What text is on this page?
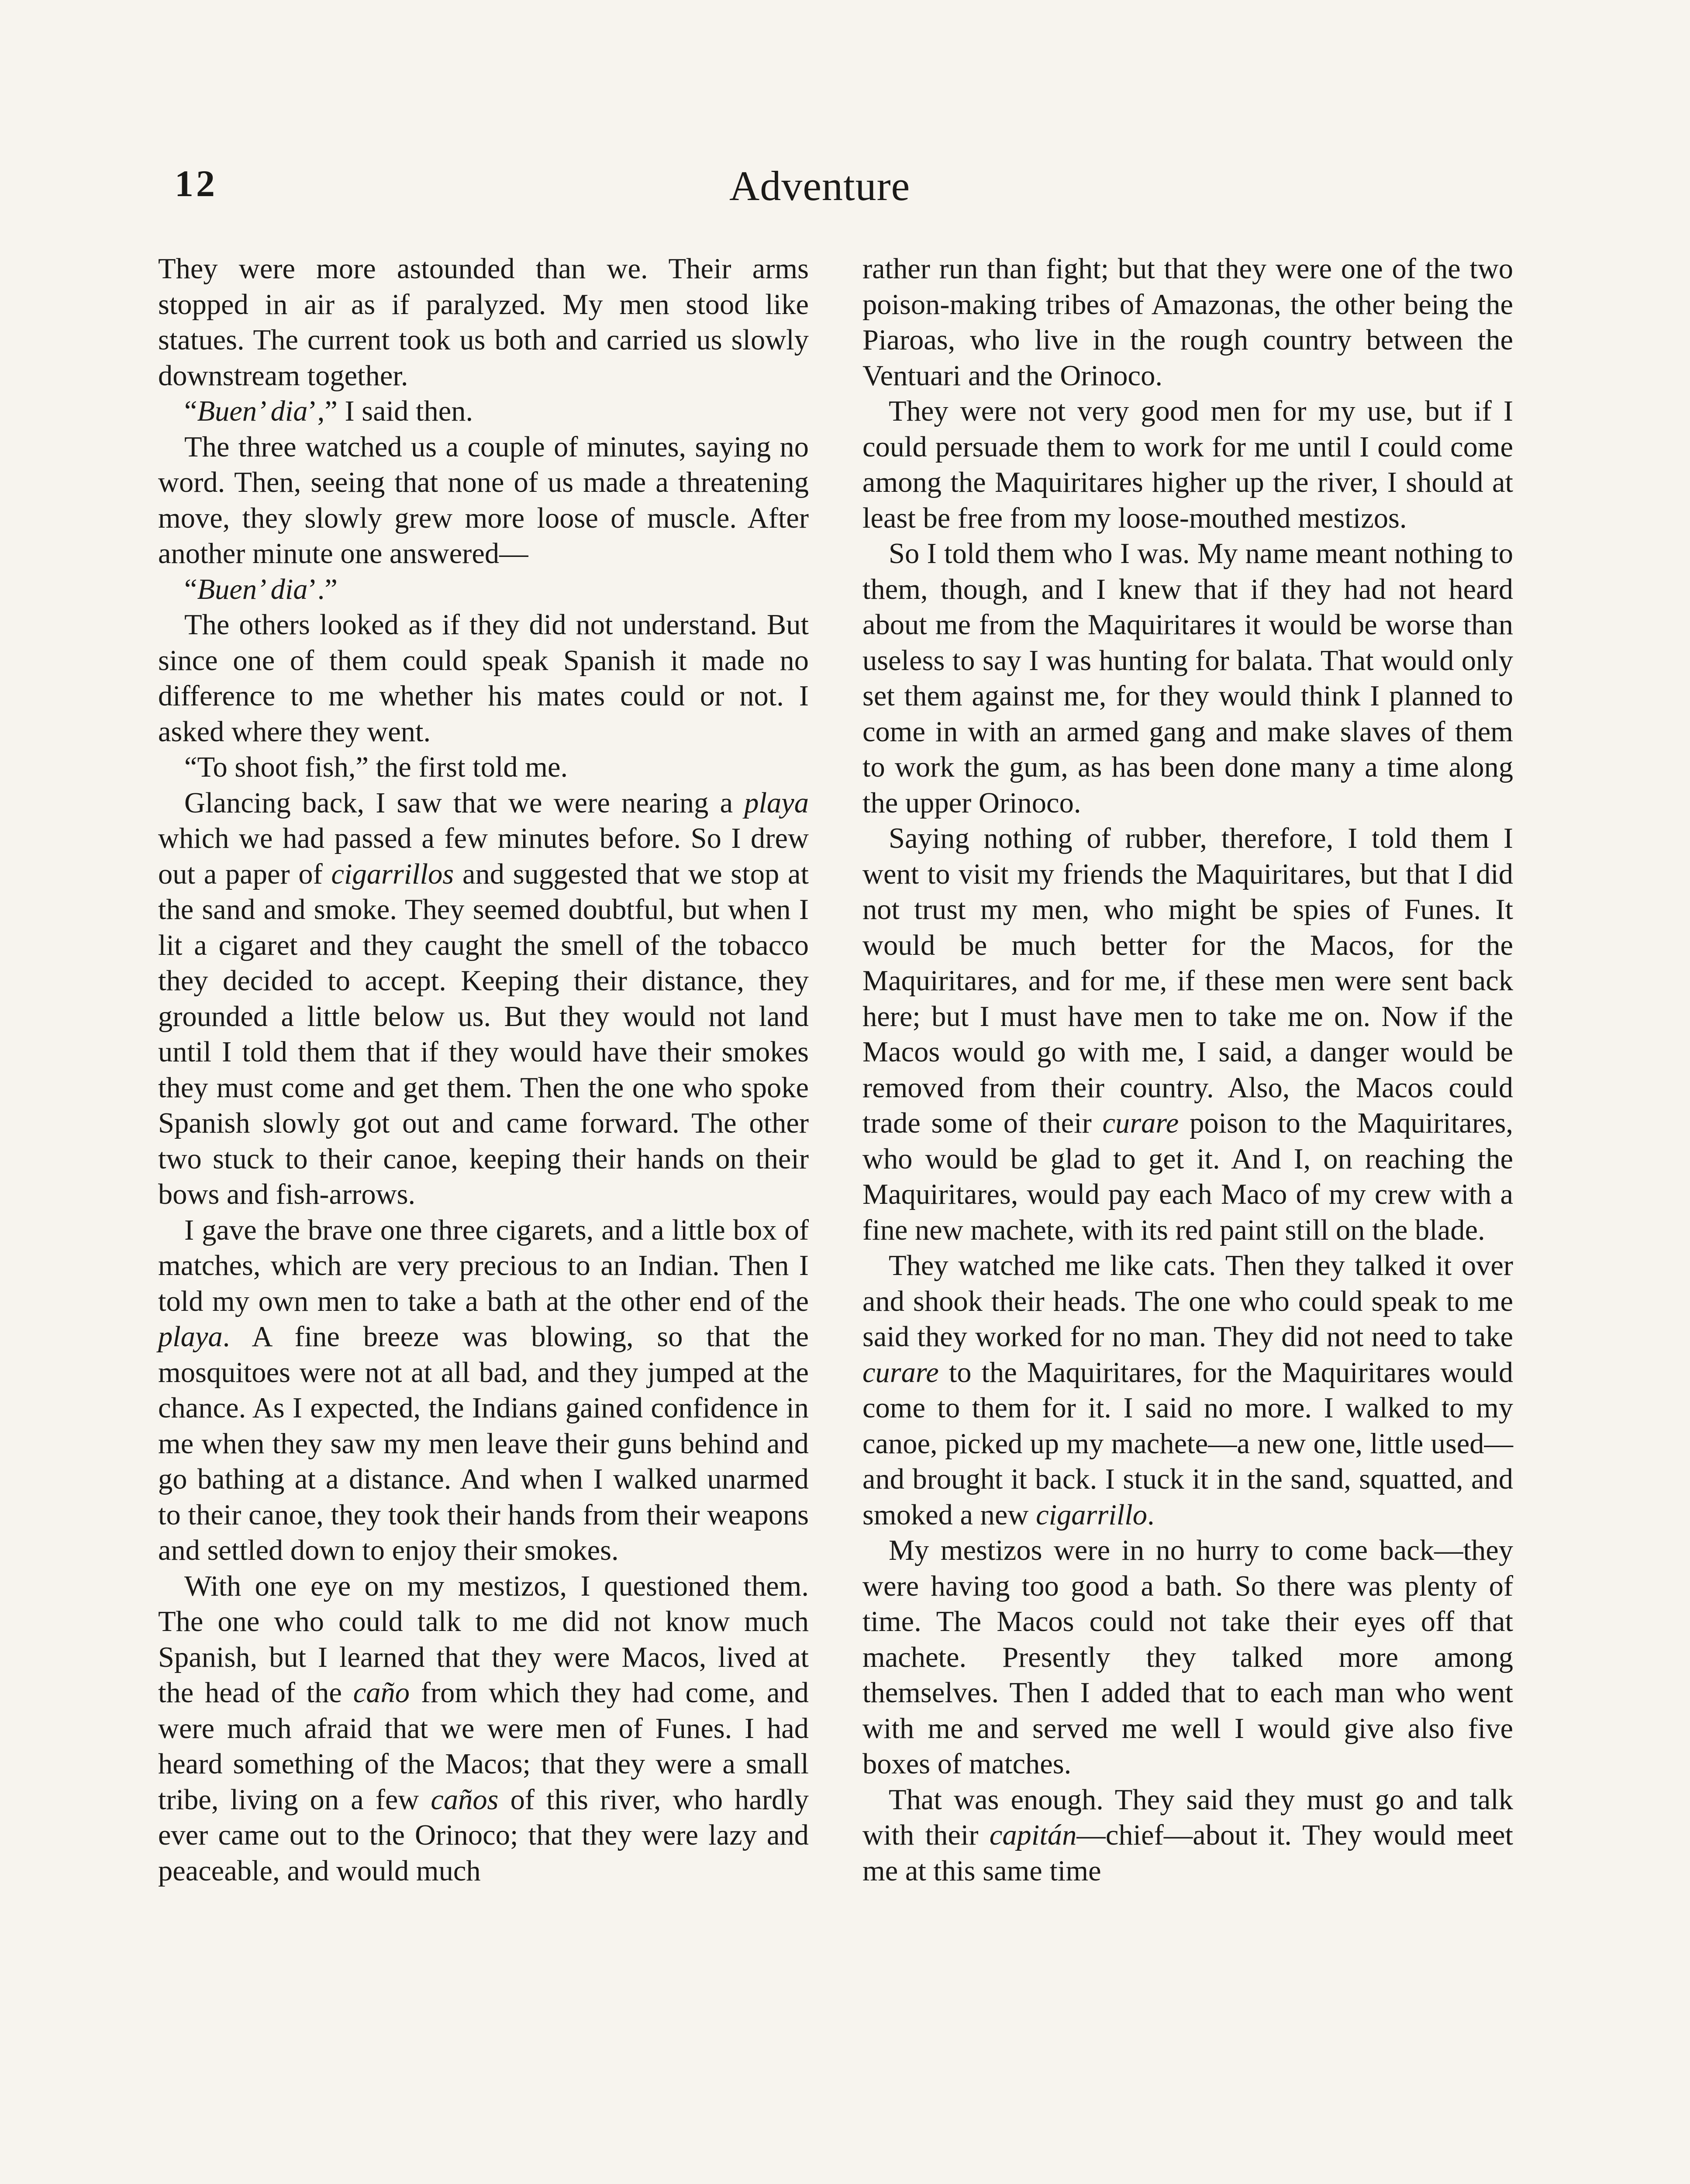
12	Adventure

They were more astounded than we. Their arms stopped in air as if paralyzed. My men stood like statues. The current took us both and carried us slowly downstream together.

“Buen’ dia’,” I said then.

The three watched us a couple of minutes, saying no word. Then, seeing that none of us made a threatening move, they slowly grew more loose of muscle. After another minute one answered—

“Buen’ dia’.”

The others looked as if they did not understand. But since one of them could speak Spanish it made no difference to me whether his mates could or not. I asked where they went.

“To shoot fish,” the first told me.

Glancing back, I saw that we were nearing a playa which we had passed a few minutes before. So I drew out a paper of cigarrillos and suggested that we stop at the sand and smoke. They seemed doubtful, but when I lit a cigaret and they caught the smell of the tobacco they decided to accept. Keeping their distance, they grounded a little below us. But they would not land until I told them that if they would have their smokes they must come and get them. Then the one who spoke Spanish slowly got out and came forward. The other two stuck to their canoe, keeping their hands on their bows and fish-arrows.

I gave the brave one three cigarets, and a little box of matches, which are very precious to an Indian. Then I told my own men to take a bath at the other end of the playa. A fine breeze was blowing, so that the mosquitoes were not at all bad, and they jumped at the chance. As I expected, the Indians gained confidence in me when they saw my men leave their guns behind and go bathing at a distance. And when I walked unarmed to their canoe, they took their hands from their weapons and settled down to enjoy their smokes.

With one eye on my mestizos, I questioned them. The one who could talk to me did not know much Spanish, but I learned that they were Macos, lived at the head of the caño from which they had come, and were much afraid that we were men of Funes. I had heard something of the Macos; that they were a small tribe, living on a few caños of this river, who hardly ever came out to the Orinoco; that they were lazy and peaceable, and would much

rather run than fight; but that they were one of the two poison-making tribes of Amazonas, the other being the Piaroas, who live in the rough country between the Ventuari and the Orinoco.

They were not very good men for my use, but if I could persuade them to work for me until I could come among the Maquiritares higher up the river, I should at least be free from my loose-mouthed mestizos.

So I told them who I was. My name meant nothing to them, though, and I knew that if they had not heard about me from the Maquiritares it would be worse than useless to say I was hunting for balata. That would only set them against me, for they would think I planned to come in with an armed gang and make slaves of them to work the gum, as has been done many a time along the upper Orinoco.

Saying nothing of rubber, therefore, I told them I went to visit my friends the Maquiritares, but that I did not trust my men, who might be spies of Funes. It would be much better for the Macos, for the Maquiritares, and for me, if these men were sent back here; but I must have men to take me on. Now if the Macos would go with me, I said, a danger would be removed from their country. Also, the Macos could trade some of their curare poison to the Maquiritares, who would be glad to get it. And I, on reaching the Maquiritares, would pay each Maco of my crew with a fine new machete, with its red paint still on the blade.

They watched me like cats. Then they talked it over and shook their heads. The one who could speak to me said they worked for no man. They did not need to take curare to the Maquiritares, for the Maquiritares would come to them for it. I said no more. I walked to my canoe, picked up my machete—a new one, little used—and brought it back. I stuck it in the sand, squatted, and smoked a new cigarrillo.

My mestizos were in no hurry to come back—they were having too good a bath. So there was plenty of time. The Macos could not take their eyes off that machete. Presently they talked more among themselves. Then I added that to each man who went with me and served me well I would give also five boxes of matches.

That was enough. They said they must go and talk with their capitán—chief—about it. They would meet me at this same time
